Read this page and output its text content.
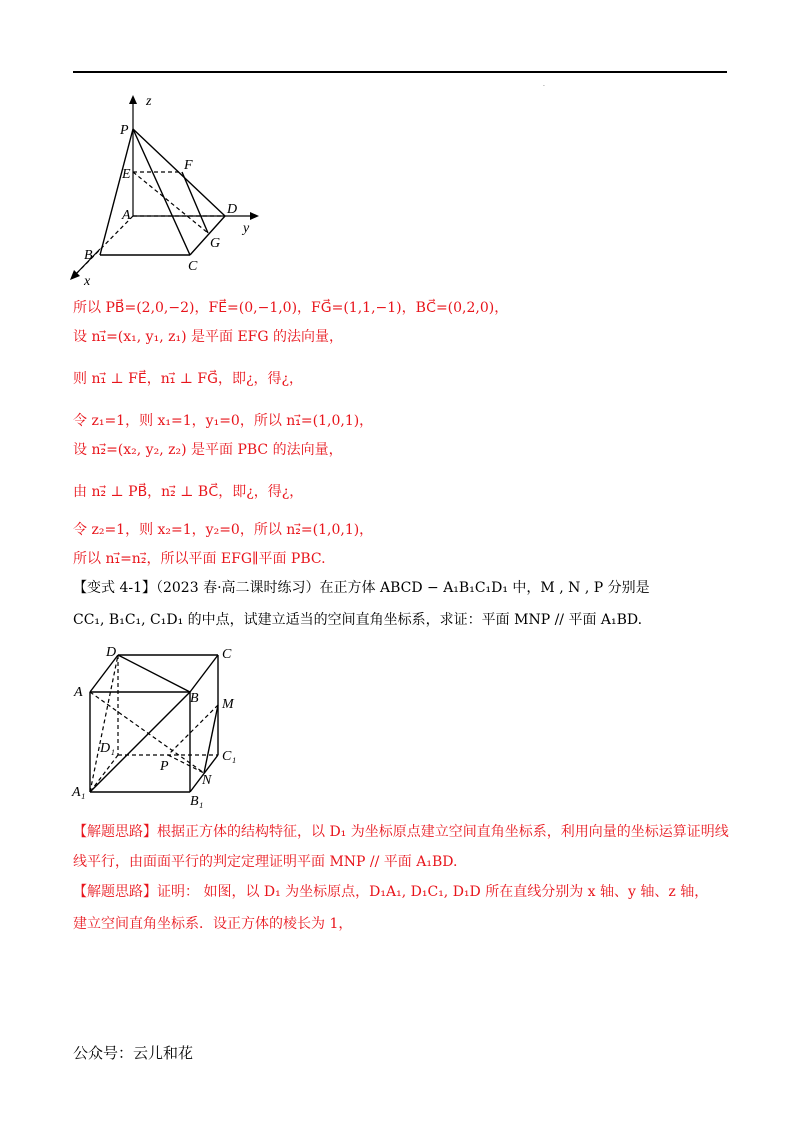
·
z
P
F
E
A	D
y
G
B
C
x
所以 PB⃗=(2,0,−2)，FE⃗=(0,−1,0)，FG⃗=(1,1,−1)，BC⃗=(0,2,0)，
设 n₁⃗=(x₁, y₁, z₁) 是平面 EFG 的法向量，
则 n₁⃗ ⊥ FE⃗，n₁⃗ ⊥ FG⃗，即¿，得¿，
令 z₁=1，则 x₁=1，y₁=0，所以 n₁⃗=(1,0,1)，
设 n₂⃗=(x₂, y₂, z₂) 是平面 PBC 的法向量，
由 n₂⃗ ⊥ PB⃗，n₂⃗ ⊥ BC⃗，即¿，得¿，
令 z₂=1，则 x₂=1，y₂=0，所以 n₂⃗=(1,0,1)，
所以 n₁⃗=n₂⃗，所以平面 EFG∥平面 PBC.
【变式 4-1】（2023 春·高二课时练习）在正方体 ABCD − A₁B₁C₁D₁ 中，M , N , P 分别是
CC₁, B₁C₁, C₁D₁ 的中点，试建立适当的空间直角坐标系，求证：平面 MNP // 平面 A₁BD.
D	C
A	B M
D₁
C₁
P
N
A₁
B₁
【解题思路】根据正方体的结构特征，以 D₁ 为坐标原点建立空间直角坐标系，利用向量的坐标运算证明线
线平行，由面面平行的判定定理证明平面 MNP // 平面 A₁BD.
【解题思路】证明： 如图，以 D₁ 为坐标原点，D₁A₁, D₁C₁, D₁D 所在直线分别为 x 轴、y 轴、z 轴，
建立空间直角坐标系．设正方体的棱长为 1，
公众号：云儿和花
